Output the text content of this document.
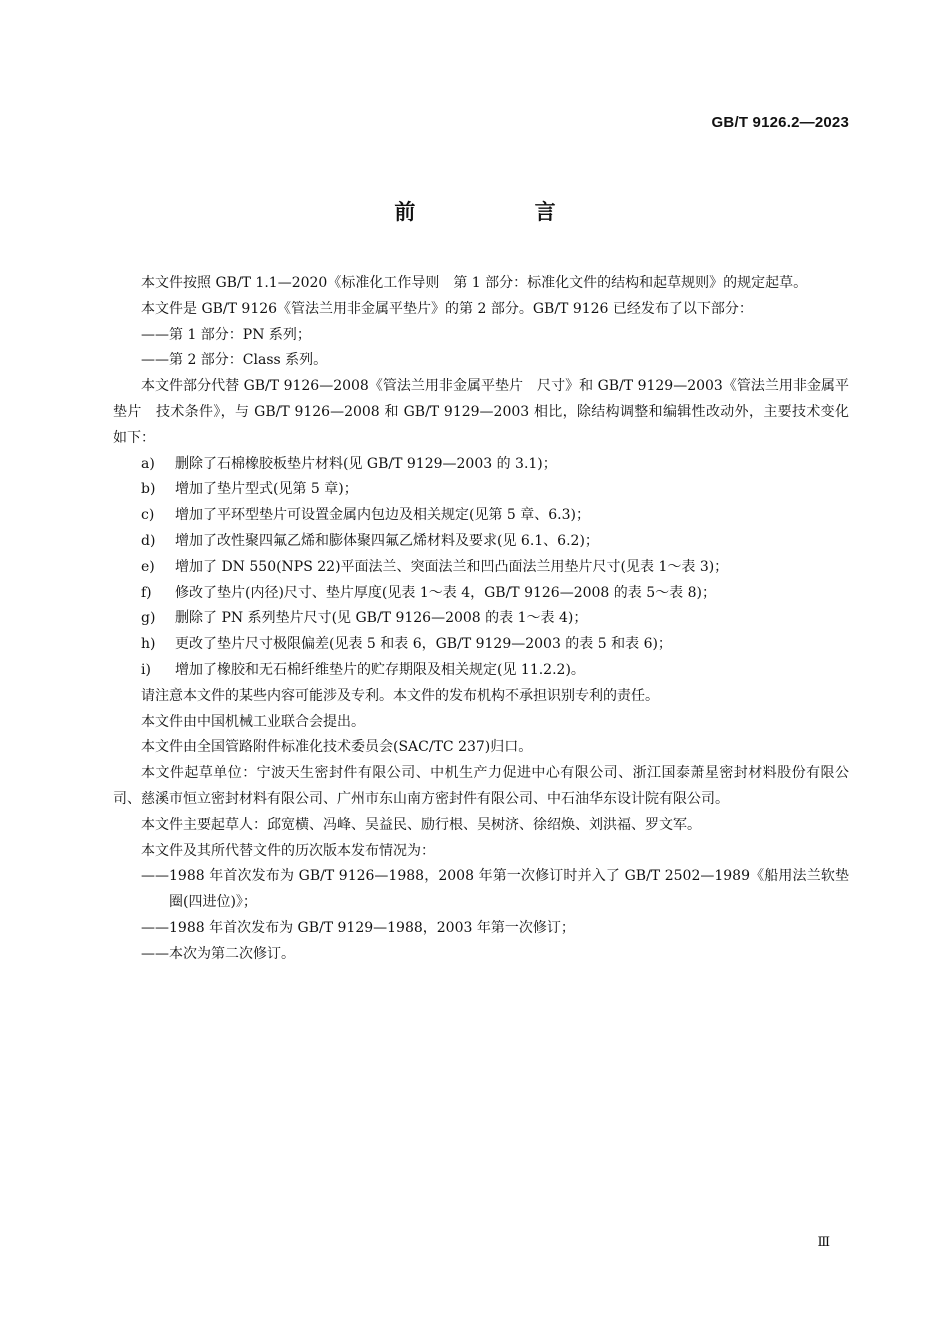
GB/T 9126.2—2023
前 言

本文件按照 GB/T 1.1—2020《标准化工作导则　第 1 部分：标准化文件的结构和起草规则》的规定起草。

本文件是 GB/T 9126《管法兰用非金属平垫片》的第 2 部分。GB/T 9126 已经发布了以下部分：

——第 1 部分：PN 系列；

——第 2 部分：Class 系列。

本文件部分代替 GB/T 9126—2008《管法兰用非金属平垫片　尺寸》和 GB/T 9129—2003《管法兰用非金属平垫片　技术条件》，与 GB/T 9126—2008 和 GB/T 9129—2003 相比，除结构调整和编辑性改动外，主要技术变化如下：

a)	删除了石棉橡胶板垫片材料(见 GB/T 9129—2003 的 3.1)；
b)	增加了垫片型式(见第 5 章)；
c)	增加了平环型垫片可设置金属内包边及相关规定(见第 5 章、6.3)；
d)	增加了改性聚四氟乙烯和膨体聚四氟乙烯材料及要求(见 6.1、6.2)；
e)	增加了 DN 550(NPS 22)平面法兰、突面法兰和凹凸面法兰用垫片尺寸(见表 1～表 3)；
f)	修改了垫片(内径)尺寸、垫片厚度(见表 1～表 4，GB/T 9126—2008 的表 5～表 8)；
g)	删除了 PN 系列垫片尺寸(见 GB/T 9126—2008 的表 1～表 4)；
h)	更改了垫片尺寸极限偏差(见表 5 和表 6，GB/T 9129—2003 的表 5 和表 6)；
i)	增加了橡胶和无石棉纤维垫片的贮存期限及相关规定(见 11.2.2)。

请注意本文件的某些内容可能涉及专利。本文件的发布机构不承担识别专利的责任。

本文件由中国机械工业联合会提出。

本文件由全国管路附件标准化技术委员会(SAC/TC 237)归口。

本文件起草单位：宁波天生密封件有限公司、中机生产力促进中心有限公司、浙江国泰萧星密封材料股份有限公司、慈溪市恒立密封材料有限公司、广州市东山南方密封件有限公司、中石油华东设计院有限公司。

本文件主要起草人：邱宽横、冯峰、吴益民、励行根、吴树济、徐绍焕、刘洪福、罗文军。

本文件及其所代替文件的历次版本发布情况为：

——1988 年首次发布为 GB/T 9126—1988，2008 年第一次修订时并入了 GB/T 2502—1989《船用法兰软垫圈(四进位)》；

——1988 年首次发布为 GB/T 9129—1988，2003 年第一次修订；

——本次为第二次修订。

Ⅲ
